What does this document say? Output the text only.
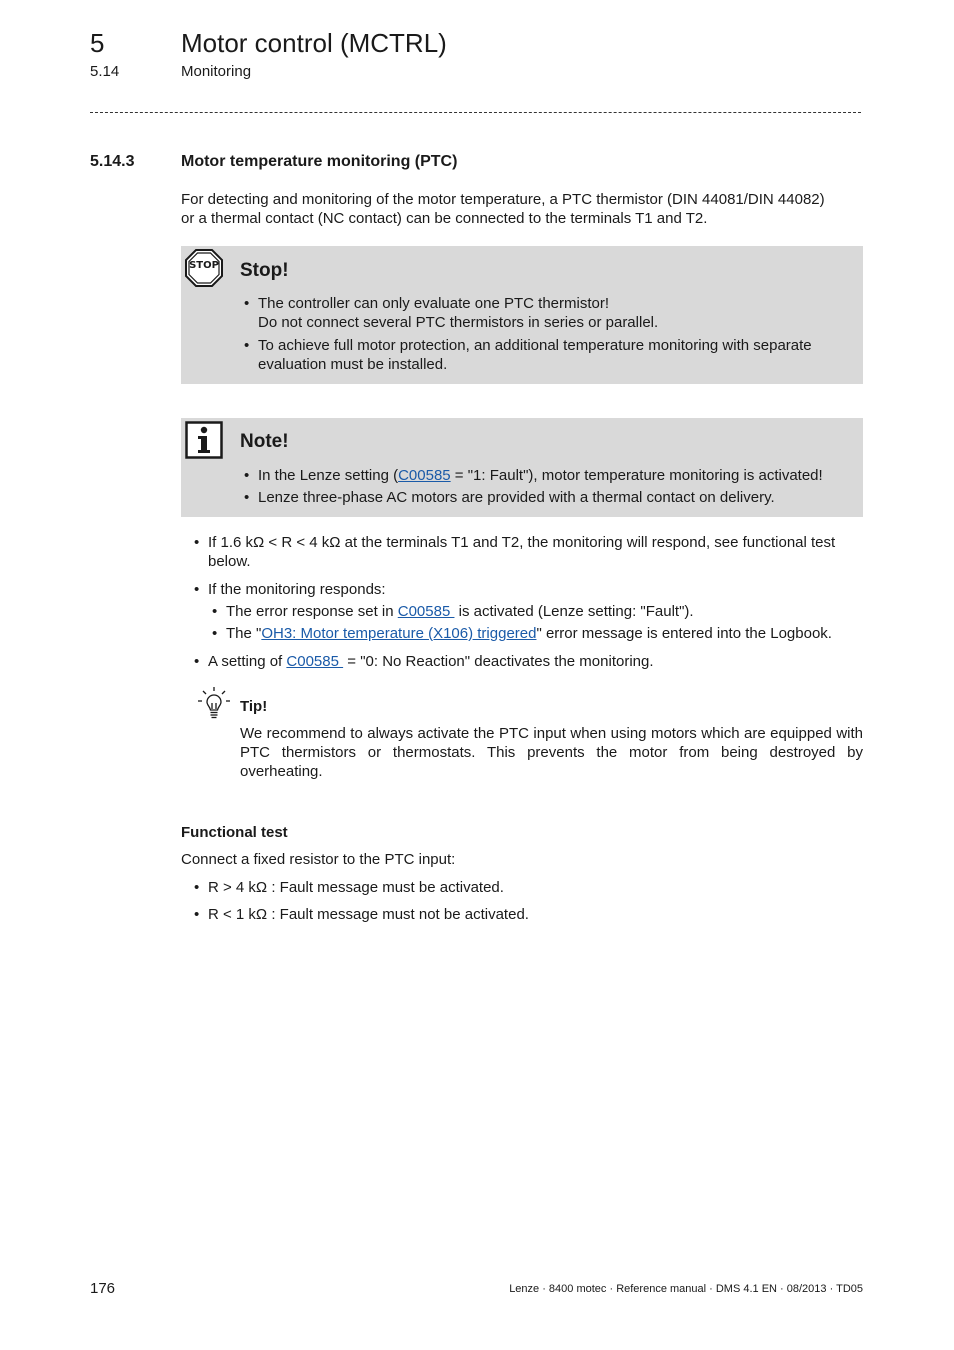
5	Motor control (MCTRL)
5.14	Monitoring
5.14.3	Motor temperature monitoring (PTC)
For detecting and monitoring of the motor temperature, a PTC thermistor (DIN 44081/DIN 44082)
or a thermal contact (NC contact) can be connected to the terminals T1 and T2.
STOP Stop!
• The controller can only evaluate one PTC thermistor!
Do not connect several PTC thermistors in series or parallel.
• To achieve full motor protection, an additional temperature monitoring with separate
evaluation must be installed.
Note!
• In the Lenze setting (C00585 = "1: Fault"), motor temperature monitoring is activated!
• Lenze three-phase AC motors are provided with a thermal contact on delivery.
• If 1.6 kΩ < R < 4 kΩ at the terminals T1 and T2, the monitoring will respond, see functional test
below.
• If the monitoring responds:
• The error response set in C00585  is activated (Lenze setting: "Fault").
• The "OH3: Motor temperature (X106) triggered" error message is entered into the Logbook.
• A setting of C00585  = "0: No Reaction" deactivates the monitoring.
Tip!
We recommend to always activate the PTC input when using motors which are equipped with PTC thermistors or thermostats. This prevents the motor from being destroyed by overheating.
Functional test
Connect a fixed resistor to the PTC input:
• R > 4 kΩ : Fault message must be activated.
• R < 1 kΩ : Fault message must not be activated.
176	Lenze · 8400 motec · Reference manual · DMS 4.1 EN · 08/2013 · TD05
